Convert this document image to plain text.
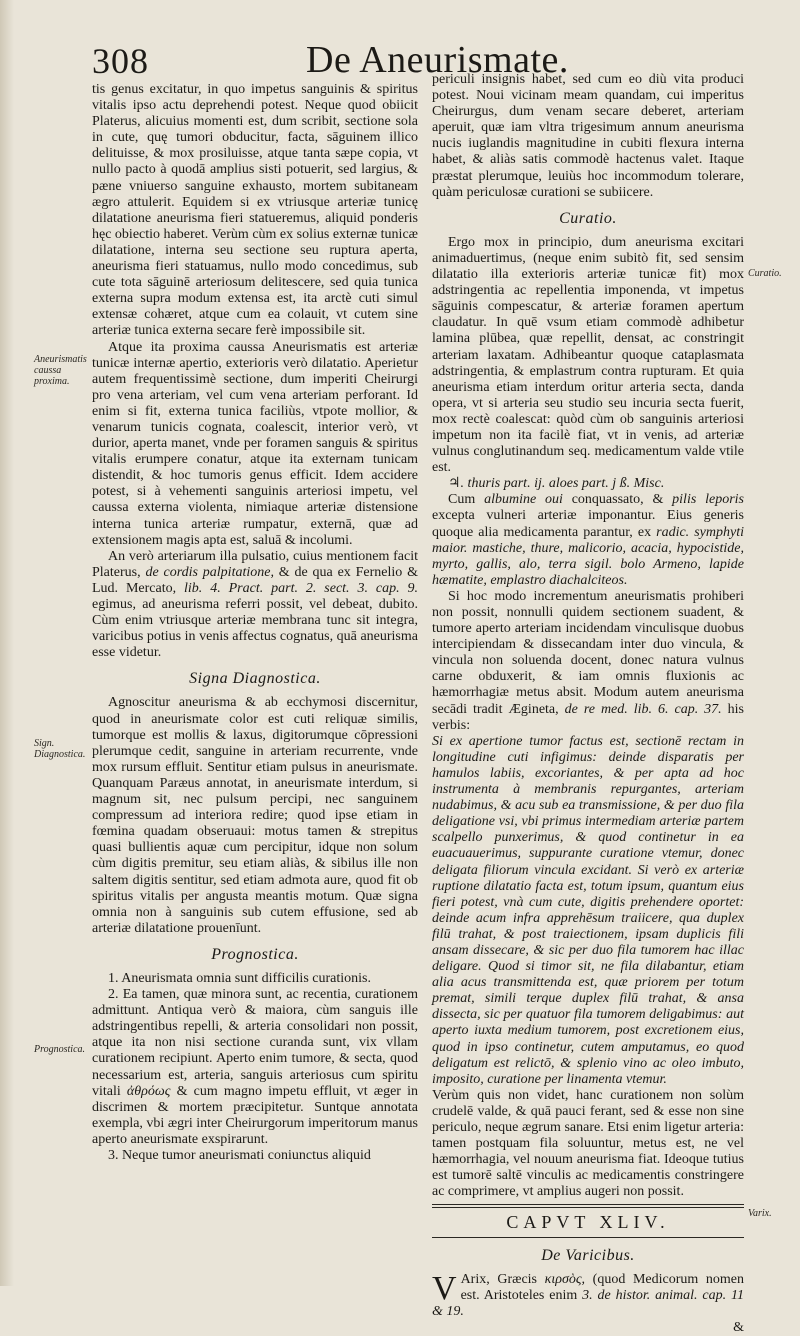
308	De Aneurismate.
Aneurismatis caussa proxima.
Sign. Diagnostica.
Prognostica.
Curatio.
Varix.

tis genus excitatur, in quo impetus sanguinis & spiritus vitalis ipso actu deprehendi potest. Neque quod obiicit Platerus, alicuius momenti est, dum scribit, sectione sola in cute, quę tumori obducitur, facta, sāguinem illico delituisse, & mox prosiluisse, atque tanta sæpe copia, vt nullo pacto à quodā amplius sisti potuerit, sed largius, & pæne vniuerso sanguine exhausto, mortem subitaneam ægro attulerit. Equidem si ex vtriusque arteriæ tunicę dilatatione aneurisma fieri statueremus, aliquid ponderis hęc obiectio haberet. Verùm cùm ex solius externæ tunicæ dilatatione, interna seu sectione seu ruptura aperta, aneurisma fieri statuamus, nullo modo concedimus, sub cute tota sāguinē arteriosum delitescere, sed quia tunica externa supra modum extensa est, ita arctè cuti simul extensæ cohæret, atque cum ea colauit, vt cutem sine arteriæ tunica externa secare ferè impossibile sit.

Atque ita proxima caussa Aneurismatis est arteriæ tunicæ internæ apertio, exterioris verò dilatatio. Aperietur autem frequentissimè sectione, dum imperiti Cheirurgi pro vena arteriam, vel cum vena arteriam perforant. Id enim si fit, externa tunica faciliùs, vtpote mollior, & venarum tunicis cognata, coalescit, interior verò, vt durior, aperta manet, vnde per foramen sanguis & spiritus vitalis erumpere conatur, atque ita externam tunicam distendit, & hoc tumoris genus efficit. Idem accidere potest, si à vehementi sanguinis arteriosi impetu, vel caussa externa violenta, nimiaque arteriæ distensione interna tunica arteriæ rumpatur, externā, quæ ad extensionem magis apta est, saluā & incolumi.

An verò arteriarum illa pulsatio, cuius mentionem facit Platerus, de cordis palpitatione, & de qua ex Fernelio & Lud. Mercato, lib. 4. Pract. part. 2. sect. 3. cap. 9. egimus, ad aneurisma referri possit, vel debeat, dubito. Cùm enim vtriusque arteriæ membrana tunc sit integra, varicibus potius in venis affectus cognatus, quā aneurisma esse videtur.

Signa Diagnostica.

Agnoscitur aneurisma & ab ecchymosi discernitur, quod in aneurismate color est cuti reliquæ similis, tumorque est mollis & laxus, digitorumque cōpressioni plerumque cedit, sanguine in arteriam recurrente, vnde mox rursum effluit. Sentitur etiam pulsus in aneurismate. Quanquam Paræus annotat, in aneurismate interdum, si magnum sit, nec pulsum percipi, nec sanguinem compressum ad interiora redire; quod ipse etiam in fœmina quadam obseruaui: motus tamen & strepitus quasi bullientis aquæ cum percipitur, idque non solum cùm digitis premitur, seu etiam aliàs, & sibilus ille non saltem digitis sentitur, sed etiam admota aure, quod fit ob spiritus vitalis per angusta meantis motum. Quæ signa omnia non à sanguinis sub cutem effusione, sed ab arteriæ dilatatione prouenīunt.

Prognostica.

1. Aneurismata omnia sunt difficilis curationis.

2. Ea tamen, quæ minora sunt, ac recentia, curationem admittunt. Antiqua verò & maiora, cùm sanguis ille adstringentibus repelli, & arteria consolidari non possit, atque ita non nisi sectione curanda sunt, vix vllam curationem recipiunt. Aperto enim tumore, & secta, quod necessarium est, arteria, sanguis arteriosus cum spiritu vitali ἀθρόως & cum magno impetu effluit, vt æger in discrimen & mortem præcipitetur. Suntque annotata exempla, vbi ægri inter Cheirurgorum imperitorum manus aperto aneurismate exspirarunt.

3. Neque tumor aneurismati coniunctus aliquid

periculi insignis habet, sed cum eo diù vita produci potest. Noui vicinam meam quandam, cui imperitus Cheirurgus, dum venam secare deberet, arteriam aperuit, quæ iam vltra trigesimum annum aneurisma nucis iuglandis magnitudine in cubiti flexura interna habet, & aliàs satis commodè hactenus valet. Itaque præstat plerumque, leuiùs hoc incommodum tolerare, quàm periculosæ curationi se subiicere.

Curatio.

Ergo mox in principio, dum aneurisma excitari animaduertimus, (neque enim subitò fit, sed sensim dilatatio illa exterioris arteriæ tunicæ fit) mox adstringentia ac repellentia imponenda, vt impetus sāguinis compescatur, & arteriæ foramen apertum claudatur. In quē vsum etiam commodè adhibetur lamina plūbea, quæ repellit, densat, ac constringit arteriam laxatam. Adhibeantur quoque cataplasmata adstringentia, & emplastrum contra rupturam. Et quia aneurisma etiam interdum oritur arteria secta, danda opera, vt si arteria seu studio seu incuria secta fuerit, mox rectè coalescat: quòd cùm ob sanguinis arteriosi impetum non ita facilè fiat, vt in venis, ad arteriæ vulnus conglutinandum seq. medicamentum valde vtile est.

♃. thuris part. ij. aloes part. j ß. Misc.

Cum albumine oui conquassato, & pilis leporis excepta vulneri arteriæ imponantur. Eius generis quoque alia medicamenta parantur, ex radic. symphyti maior. mastiche, thure, malicorio, acacia, hypocistide, myrto, gallis, alo, terra sigil. bolo Armeno, lapide hæmatite, emplastro diachalciteos.

Si hoc modo incrementum aneurismatis prohiberi non possit, nonnulli quidem sectionem suadent, & tumore aperto arteriam incidendam vinculisque duobus intercipiendam & dissecandam inter duo vincula, & vincula non soluenda docent, donec natura vulnus carne obduxerit, & iam omnis fluxionis ac hæmorrhagiæ metus absit. Modum autem aneurisma secādi tradit Ægineta, de re med. lib. 6. cap. 37. his verbis:

Si ex apertione tumor factus est, sectionē rectam in longitudine cuti infigimus: deinde disparatis per hamulos labiis, excoriantes, & per apta ad hoc instrumenta à membranis repurgantes, arteriam nudabimus, & acu sub ea transmissione, & per duo fila deligatione vsi, vbi primus intermediam arteriæ partem scalpello punxerimus, & quod continetur in ea euacuauerimus, suppurante curatione vtemur, donec deligata filiorum vincula excidant. Si verò ex arteriæ ruptione dilatatio facta est, totum ipsum, quantum eius fieri potest, vnà cum cute, digitis prehendere oportet: deinde acum infra apprehēsum traiicere, qua duplex filū trahat, & post traiectionem, ipsam duplicis fili ansam dissecare, & sic per duo fila tumorem hac illac deligare. Quod si timor sit, ne fila dilabantur, etiam alia acus transmittenda est, quæ priorem per totum premat, simili terque duplex filū trahat, & ansa dissecta, sic per quatuor fila tumorem deligabimus: aut aperto iuxta medium tumorem, post excretionem eius, quod in ipso continetur, cutem amputamus, eo quod deligatum est relictō, & splenio vino ac oleo imbuto, imposito, curatione per linamenta vtemur.

Verùm quis non videt, hanc curationem non solùm crudelē valde, & quā pauci ferant, sed & esse non sine periculo, neque ægrum sanare. Etsi enim ligetur arteria: tamen postquam fila soluuntur, metus est, ne vel hæmorrhagia, vel nouum aneurisma fiat. Ideoque tutius est tumorē saltē vinculis ac medicamentis constringere ac comprimere, vt amplius augeri non possit.

CAPVT XLIV.
De Varicibus.

V Arix, Græcis κιρσὸς, (quod Medicorum nomen est. Aristoteles enim 3. de histor. animal. cap. 11 & 19.

&
